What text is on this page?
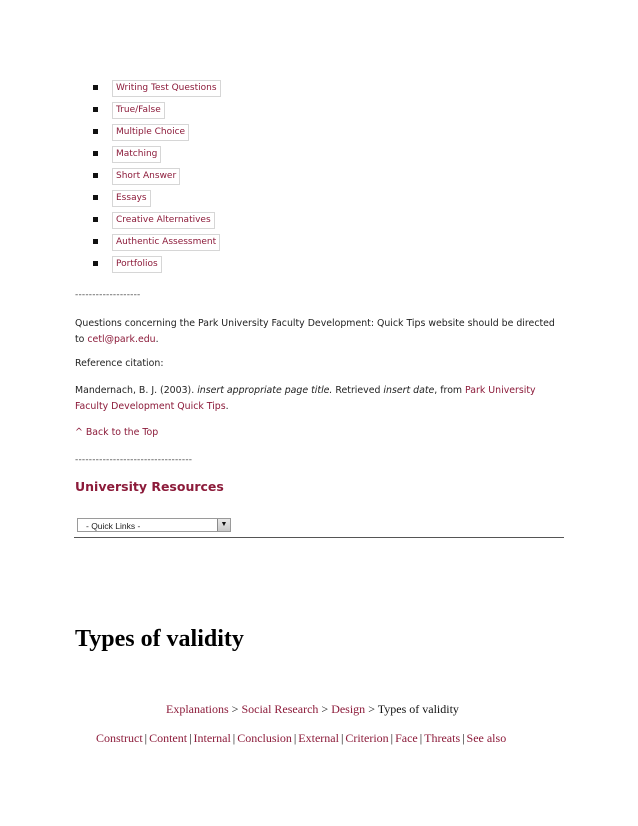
Writing Test Questions
True/False
Multiple Choice
Matching
Short Answer
Essays
Creative Alternatives
Authentic Assessment
Portfolios
-------------------
Questions concerning the Park University Faculty Development: Quick Tips website should be directed
to cetl@park.edu.
Reference citation:
Mandernach, B. J. (2003). insert appropriate page title. Retrieved insert date, from Park University
Faculty Development Quick Tips.
^ Back to the Top
----------------------------------
University Resources
- Quick Links -	▼
Types of validity
Explanations > Social Research > Design > Types of validity
Construct | Content | Internal | Conclusion | External | Criterion | Face | Threats | See also
